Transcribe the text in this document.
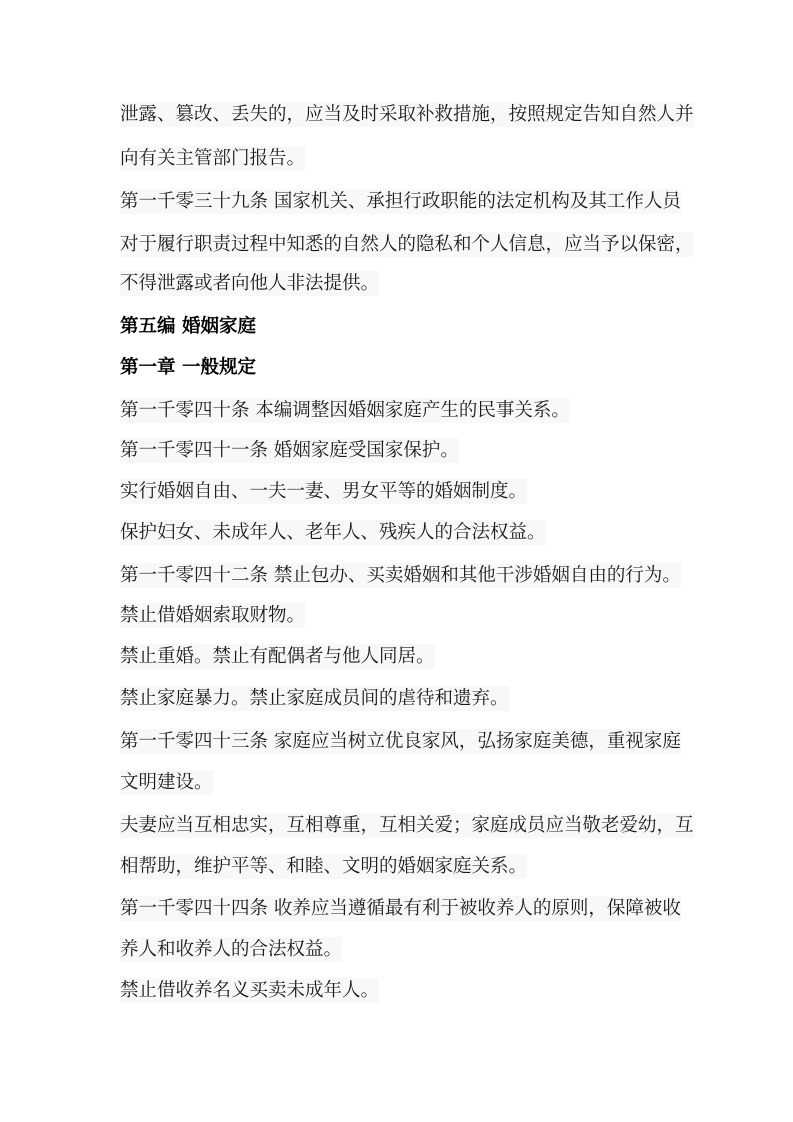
泄露、篡改、丢失的，应当及时采取补救措施，按照规定告知自然人并
向有关主管部门报告。
第一千零三十九条 国家机关、承担行政职能的法定机构及其工作人员
对于履行职责过程中知悉的自然人的隐私和个人信息，应当予以保密，
不得泄露或者向他人非法提供。
第五编 婚姻家庭
第一章 一般规定
第一千零四十条 本编调整因婚姻家庭产生的民事关系。
第一千零四十一条 婚姻家庭受国家保护。
实行婚姻自由、一夫一妻、男女平等的婚姻制度。
保护妇女、未成年人、老年人、残疾人的合法权益。
第一千零四十二条 禁止包办、买卖婚姻和其他干涉婚姻自由的行为。
禁止借婚姻索取财物。
禁止重婚。禁止有配偶者与他人同居。
禁止家庭暴力。禁止家庭成员间的虐待和遗弃。
第一千零四十三条 家庭应当树立优良家风，弘扬家庭美德，重视家庭
文明建设。
夫妻应当互相忠实，互相尊重，互相关爱；家庭成员应当敬老爱幼，互
相帮助，维护平等、和睦、文明的婚姻家庭关系。
第一千零四十四条 收养应当遵循最有利于被收养人的原则，保障被收
养人和收养人的合法权益。
禁止借收养名义买卖未成年人。
